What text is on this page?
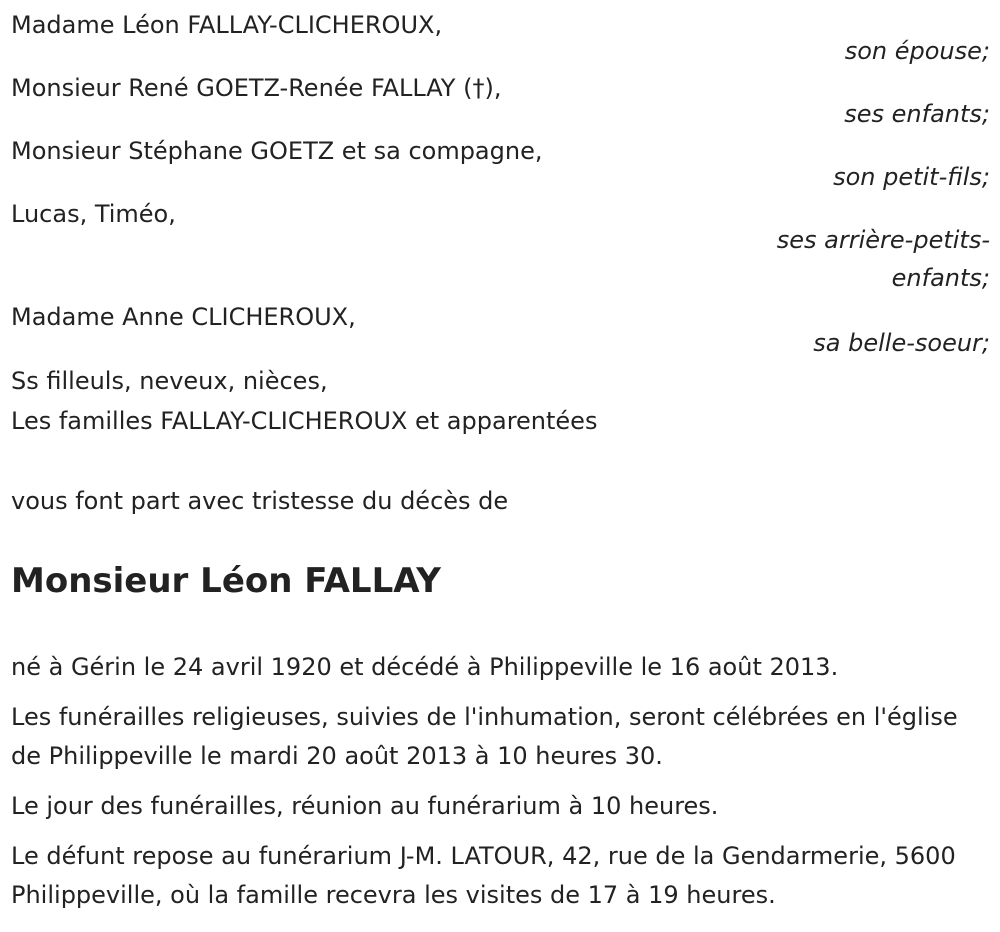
Madame Léon FALLAY-CLICHEROUX,
son épouse;
Monsieur René GOETZ-Renée FALLAY (†),
ses enfants;
Monsieur Stéphane GOETZ et sa compagne,
son petit-fils;
Lucas, Timéo,
ses arrière-petits-
enfants;
Madame Anne CLICHEROUX,
sa belle-soeur;
Ss filleuls, neveux, nièces,
Les familles FALLAY-CLICHEROUX et apparentées
vous font part avec tristesse du décès de
Monsieur Léon FALLAY
né à Gérin le 24 avril 1920 et décédé à Philippeville le 16 août 2013.
Les funérailles religieuses, suivies de l'inhumation, seront célébrées en l'église de Philippeville le mardi 20 août 2013 à 10 heures 30.
Le jour des funérailles, réunion au funérarium à 10 heures.
Le défunt repose au funérarium J-M. LATOUR, 42, rue de la Gendarmerie, 5600 Philippeville, où la famille recevra les visites de 17 à 19 heures.
